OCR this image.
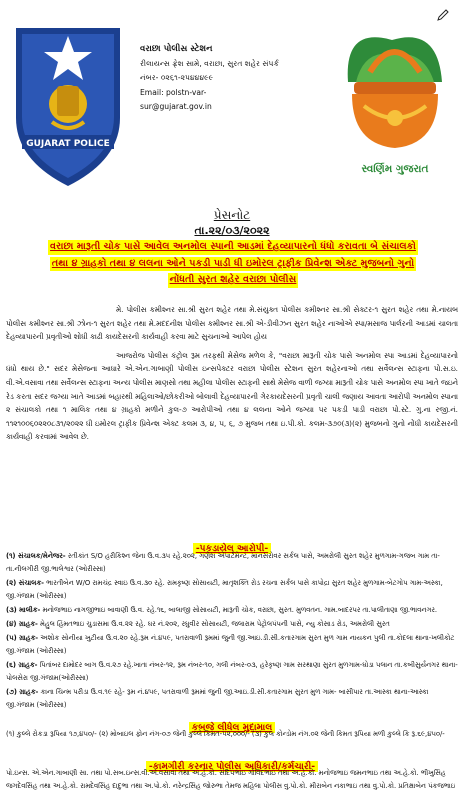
GUJARAT POLICE
વરાછા પોલીસ સ્ટેશન
રીલાયન્સ ફ્રેશ સામે, વરાછા, સુરત શહેર સંપર્ક
નંબર- ૦૨૬૧-૨૫૪૪૪૯૯
Email: polstn-var-
sur@gujarat.gov.in
સ્વર્ણિમ ગુજરાત
પ્રેસનોટ
તા.૨૨/૦૩/૨૦૨૨
વરાછા મારૂતી ચોક પાસે આવેલ અનમોલ સ્પાની આડમાં દેહવ્યાપારનો ધંધો કરાવતા બે સંચાલકો
તથા ૪ ગ્રાહકો તથા ૪ લલના ઓને પકડી પાડી ધી ઇમોરલ ટ્રાફીક પ્રિવેન્શ એક્ટ મુજબનો ગુનો
નોંધતી સુરત શહેર વરાછા પોલીસ

મે. પોલીસ કમીશ્નર સા.શ્રી સુરત શહેર તથા મે.સંયુક્ત પોલીસ કમીશ્નર સા.શ્રી સેક્ટર-૧ સુરત શહેર તથા મે.નાયબ પોલીસ કમીશ્નર સા.શ્રી ઝોન-૧ સુરત શહેર તથા મે.મદદનીશ પોલીસ કમીશ્નર સા.શ્રી એ-ડીવીઝન સુરત શહેર નાઓએ સ્પા/મસાજ પાર્લરની આડમાં ચાલતા દેહવ્યાપારની પ્રવૃતીઓ શોધી કાઢી કાયદેસરની કાર્યવાહી કરવા માટે સુચનાઓ આપેલ હોય

આજરોજ પોલીસ કંટ્રોલ રૂમ તરફથી મેસેજ મળેલ કે, "વરાછા મારૂતી ચોક પાસે અનમોલ સ્પા આડમાં દેહવ્યાપારનો ધંધો થાય છે." સદર મેસેજના આધારે એ.એન.ગાબાણી પોલીસ ઇન્સપેક્ટર વરાછા પોલીસ સ્ટેશન સુરત શહેરનાઓ તથા સર્વેલન્સ સ્ટાફના પો.સ.ઇ. વી.એ.વસાવા તથા સર્વેલન્સ સ્ટાફના અન્ય પોલીસ માણસો તથા મહીલા પોલીસ સ્ટાફની સાથે મેસેજ વાળી જગ્યા મારૂતી ચોક પાસે અનમોલ સ્પા ખાતે જઇને રેડ કરતા સદર જગ્યા ખાતે આડમાં બહારથી મહિલાઓ/છોકરીઓ બોલાવી દેહવ્યાપારની ગેરકાયદેસરની પ્રવૃતી ચાલી જણાય આવતા આરોપી અનમોલ સ્પાના ૨ સંચાલકો તથા ૧ માલિક તથા ૪ ગ્રાહકો મળીને કુલ-૭ આરોપીઓ તથા ૪ લલના ઓને જગ્યા પર પકડી પાડી વરાછા પો.સ્ટે. ગુ.ના રજી.નં. ૧૧૨૧૦૦૬૦૨૨૦૮૩૧/૨૦૨૨ ધી ઇમોરલ ટ્રાફીક પ્રિવેન્શ એક્ટ કલમ ૩, ૪, ૫, ૬, ૭ મુજબ તથા ઇ.પી.કો. કલમ-૩૭૦(૩)(૨) મુજબનો ગુનો નોંધી કાયદેસરની કાર્યવાહી કરવામાં આવેલ છે.

-પકડાયેલ આરોપી-
(૧) સંચાલક/મેનેજર- રતીકાંત S/O હરીકિશ્ન જેના ઉ.વ.૩૫ રહે.૨૦૨, ગણેશ એપાર્ટમેન્ટ, માનસરોવર સર્કલ પાસે, અમરોલી સુરત શહેર મુળગામ-ગજબ ગામ તા-તા.નીલગીરી જી.ભાલેશ્વર (ઓરીસ્સા)
(૨) સંચાલક- ભારતીબેન W/O રામચંદ્ર સ્વાઇ ઉ.વ.૩૦ રહે. રામકૃષ્ણ સોસાયટી, માતૃશક્તિ રોડ રચના સર્કલ પાસે કાપોદ્રા સુરત શહેર મુળગામ-બેટગોપ ગામ-અસ્કા, જી.ગંજામ (ઓરીસ્સા)
(૩) માલીક- મનોજભાઇ નાગજીભાઇ બાવાણી ઉ.વ. રહે.૧૬, બાલાજી સોસાયટી, મારૂતી ચોક, વરાછા, સુરત. મુળવતન. ગામ.બાદરપર તા.પાલીતાણા જી.ભાવનગર.
(૪) ગ્રાહક- મેહુલ હિંમતભાઇ ચુડાસમા ઉ.વ.૨૨ રહે. ઘર નં.૨૦૨, રઘુવીર સોસાયટી, જલારામ પેટ્રોલપંપની પાસે, ન્યુ કોસાડ રોડ, અમરોલી સુરત
(૫) ગ્રાહક- અશોક સોનીયા ખુટીયા ઉ.વ.૨૦ રહે.રૂમ નં.૪૫૯, પતરાવાળી રૂમમાં જુની જી.આઇ.ડી.સી.કતારગામ સુરત મુળ ગામ નાયકન પુલી તા.કોદલા થાના-ખલીકોટ જી.ગંજામ (ઓરીસ્સા)
(૬) ગ્રાહક- પિતાંબર દામોદર બાગ ઉ.વ.૨૭ રહે.ખાતા નંબર-૧૨, રૂમ નંબર-૧૦, ગલી નંબર-૦૩, હરેકૃષ્ણ ગામ સરથાણા સુરત મુળગામ-ઘોડા પલાન તા.કબીસુર્યનગર થાના-પોલસેરા જી.ગંજામ(ઓરીસ્સા)
(૭) ગ્રાહક- કાના ચિન્મ પરીડા ઉ.વ.૧૯ રહે- રૂમ નં.૪૫૯, પતરાવાળી રૂમમાં જુની જી.આઇ.ડી.સી.કતારગામ સુરત મુળ ગામ- બાસીપાર તા.આસ્કા થાના-આસ્કા જી.ગંજામ (ઓરીસ્સા)
કબજે લીધેલ મુદામાલ
(૧) કુલ્લે રોકડા રૂપિયા ૧૭,૪૫૦/- (૨) મોબાઇલ ફોન નંગ-૦૭ જેની કુલ્લે કિમત-૫૨,૦૦૦/- (૩) કુલ કોન્ડોમ નંગ.૦૨ જેની કિમત રૂપિયા મળી કુલ્લે કિ રૂ.૬૯,૪૫૦/-
-કામગીરી કરનાર પોલીસ અધિકારી/કર્મચારી-
પો.ઇન્સ. એ.એન.ગાબાણી સા. તથા પો.સબ.ઇન્સ.વી.એ.વસાવા તથા અ.હે.કો. સંદિપભાઇ ગોવિંદભાઇ તથા અ.હે.કો. મનોજભાઇ જમનભાઇ તથા અ.હે.કો. ભીખુસિંહ જગદેવસિંહ તથા અ.હે.કો. રામદેવસિંહ દાદુભા તથા અ.પો.કો. નરેન્દ્રસિંહ જોરુભા તેમજ મહિલા પોલીસ વુ.પો.કો. મીરાબેન નકાભાઇ તથા વુ.પો.કો. પ્રતિક્ષાબેન પંકજભાઇ
